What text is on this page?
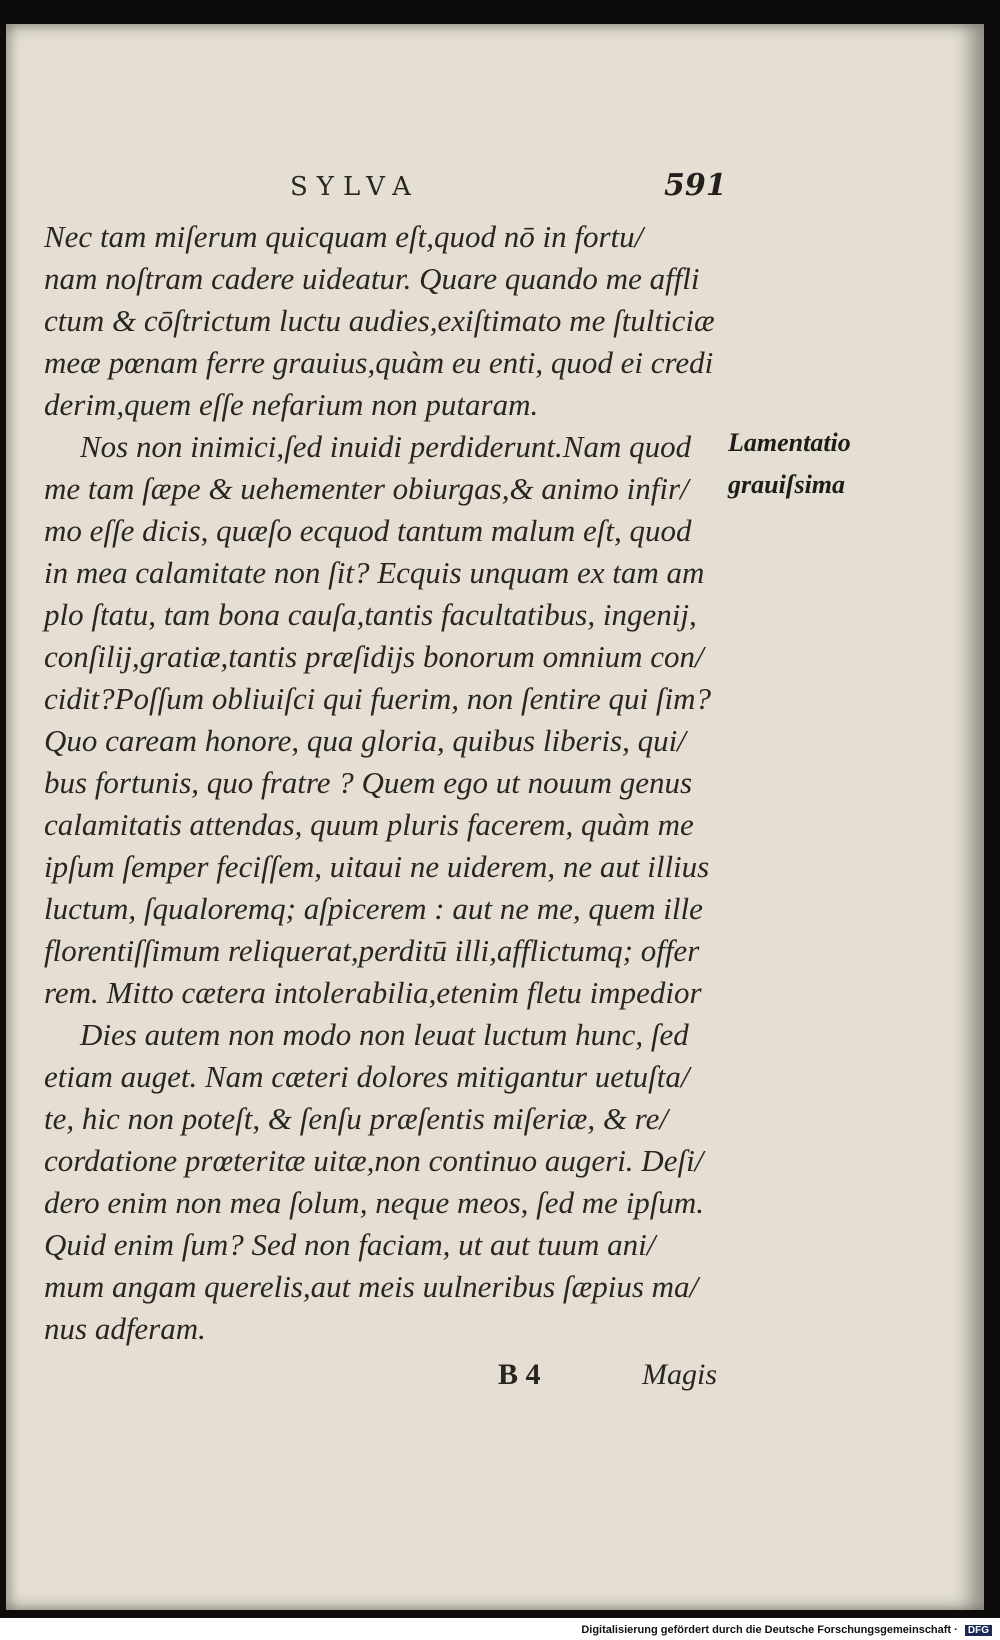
SYLVA	591

Nec tam miſerum quicquam eſt,quod nō in fortu/
nam noſtram cadere uideatur. Quare quando me affli
ctum & cōſtrictum luctu audies,exiſtimato me ſtulticiæ
meæ pœnam ferre grauius,quàm eu enti, quod ei credi
derim,quem eſſe nefarium non putaram.

Nos non inimici,ſed inuidi perdiderunt.Nam quod
me tam ſæpe & uehementer obiurgas,& animo infir/
mo eſſe dicis, quæſo ecquod tantum malum eſt, quod
in mea calamitate non ſit? Ecquis unquam ex tam am
plo ſtatu, tam bona cauſa,tantis facultatibus, ingenij,
conſilij,gratiæ,tantis præſidijs bonorum omnium con/
cidit?Poſſum obliuiſci qui fuerim, non ſentire qui ſim?
Quo caream honore, qua gloria, quibus liberis, qui/
bus fortunis, quo fratre ? Quem ego ut nouum genus
calamitatis attendas, quum pluris facerem, quàm me
ipſum ſemper feciſſem, uitaui ne uiderem, ne aut illius
luctum, ſqualoremq; aſpicerem : aut ne me, quem ille
florentiſſimum reliquerat,perditū illi,afflictumq; offer
rem. Mitto cætera intolerabilia,etenim fletu impedior

Dies autem non modo non leuat luctum hunc, ſed
etiam auget. Nam cæteri dolores mitigantur uetuſta/
te, hic non poteſt, & ſenſu præſentis miſeriæ, & re/
cordatione prœteritæ uitæ,non continuo augeri. Deſi/
dero enim non mea ſolum, neque meos, ſed me ipſum.
Quid enim ſum? Sed non faciam, ut aut tuum ani/
mum angam querelis,aut meis uulneribus ſæpius ma/
nus adferam.

Lamentatio
grauiſsima
B 4	Magis
Digitalisierung gefördert durch die Deutsche Forschungsgemeinschaft · DFG
